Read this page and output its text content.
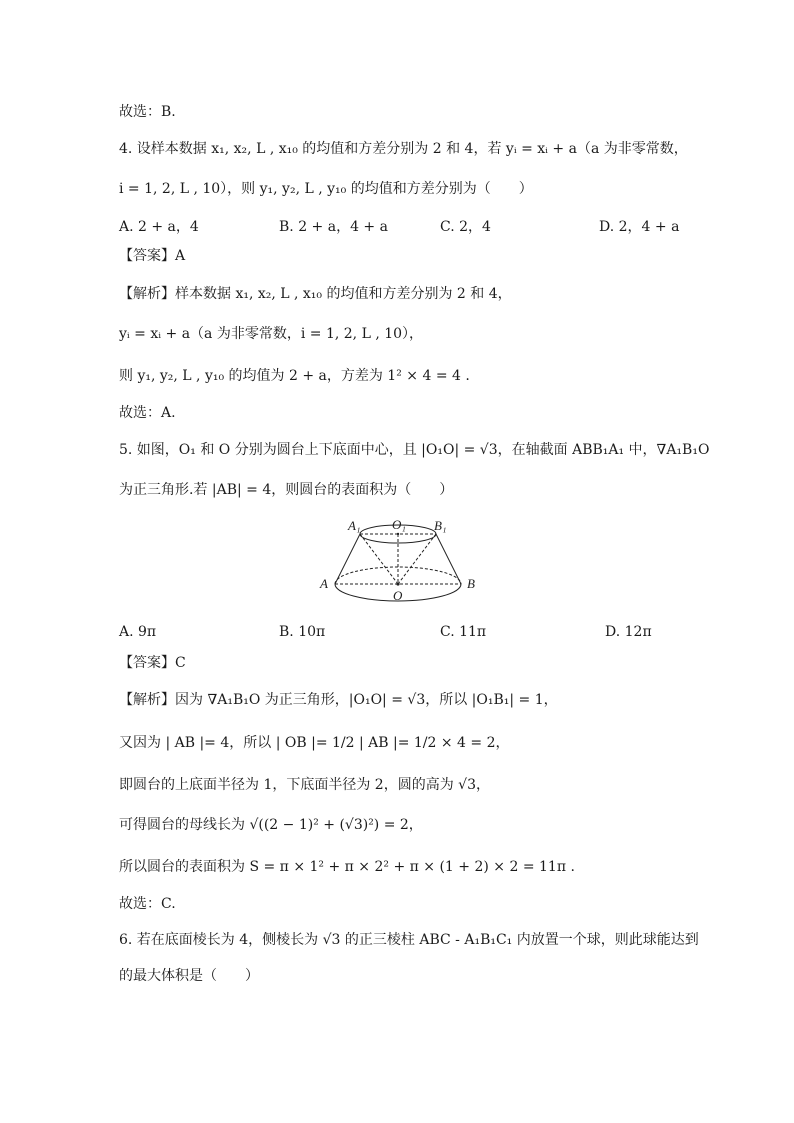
故选：B.
4. 设样本数据 x₁, x₂, L , x₁₀ 的均值和方差分别为 2 和 4，若 yᵢ = xᵢ + a（a 为非零常数，
i = 1, 2, L , 10），则 y₁, y₂, L , y₁₀ 的均值和方差分别为（　　）
A. 2 + a，4	B. 2 + a，4 + a	C. 2，4	D. 2，4 + a
【答案】A
【解析】样本数据 x₁, x₂, L , x₁₀ 的均值和方差分别为 2 和 4，
yᵢ = xᵢ + a（a 为非零常数，i = 1, 2, L , 10），
则 y₁, y₂, L , y₁₀ 的均值为 2 + a，方差为 1² × 4 = 4 .
故选：A.
5. 如图，O₁ 和 O 分别为圆台上下底面中心，且 |O₁O| = √3，在轴截面 ABB₁A₁ 中，∇A₁B₁O
为正三角形.若 |AB| = 4，则圆台的表面积为（　　）
A₁ O₁ B₁
A	B
O
A. 9π	B. 10π	C. 11π	D. 12π
【答案】C
【解析】因为 ∇A₁B₁O 为正三角形，|O₁O| = √3，所以 |O₁B₁| = 1，
又因为 | AB |= 4，所以 | OB |= 1/2 | AB |= 1/2 × 4 = 2，
即圆台的上底面半径为 1，下底面半径为 2，圆的高为 √3，
可得圆台的母线长为 √((2 − 1)² + (√3)²) = 2，
所以圆台的表面积为 S = π × 1² + π × 2² + π × (1 + 2) × 2 = 11π .
故选：C.
6. 若在底面棱长为 4，侧棱长为 √3 的正三棱柱 ABC - A₁B₁C₁ 内放置一个球，则此球能达到
的最大体积是（　　）
